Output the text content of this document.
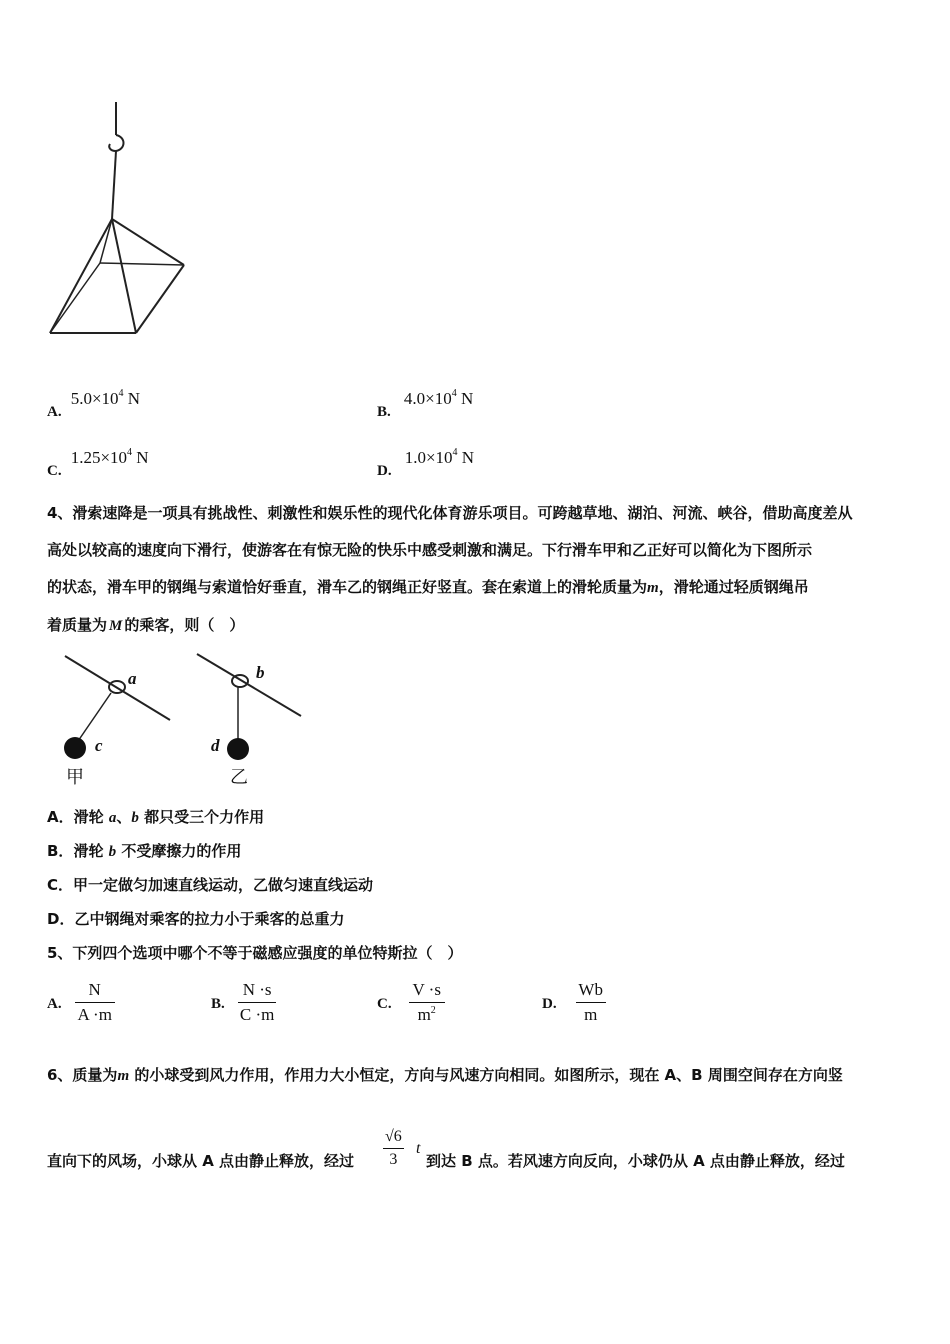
A. $5.0\times 10^4$ N
B. $4.0\times 10^4$ N
C. $1.25\times 10^4$ N
D. $1.0\times 10^4$ N
4、滑索速降是一项具有挑战性、刺激性和娱乐性的现代化体育游乐项目。可跨越草地、湖泊、河流、峡谷，借助高度差从
高处以较高的速度向下滑行，使游客在有惊无险的快乐中感受刺激和满足。下行滑车甲和乙正好可以简化为下图所示
的状态，滑车甲的钢绳与索道恰好垂直，滑车乙的钢绳正好竖直。套在索道上的滑轮质量为m，滑轮通过轻质钢绳吊
着质量为 M 的乘客，则（　）
a
c
甲
b
d
乙
A．滑轮 a、b 都只受三个力作用
B．滑轮 b 不受摩擦力的作用
C．甲一定做匀加速直线运动，乙做匀速直线运动
D．乙中钢绳对乘客的拉力小于乘客的总重力
5、下列四个选项中哪个不等于磁感应强度的单位特斯拉（　）
A. $\frac{N}{A \cdot m}$	B. $\frac{N \cdot s}{C \cdot m}$	C. $\frac{V \cdot s}{m^2}$	D. $\frac{Wb}{m}$
6、质量为m 的小球受到风力作用，作用力大小恒定，方向与风速方向相同。如图所示，现在 A、B 周围空间存在方向竖
直向下的风场，小球从 A 点由静止释放，经过 $\frac{√6}{3}$ t
到达 B 点。若风速方向反向，小球仍从 A 点由静止释放，经过
